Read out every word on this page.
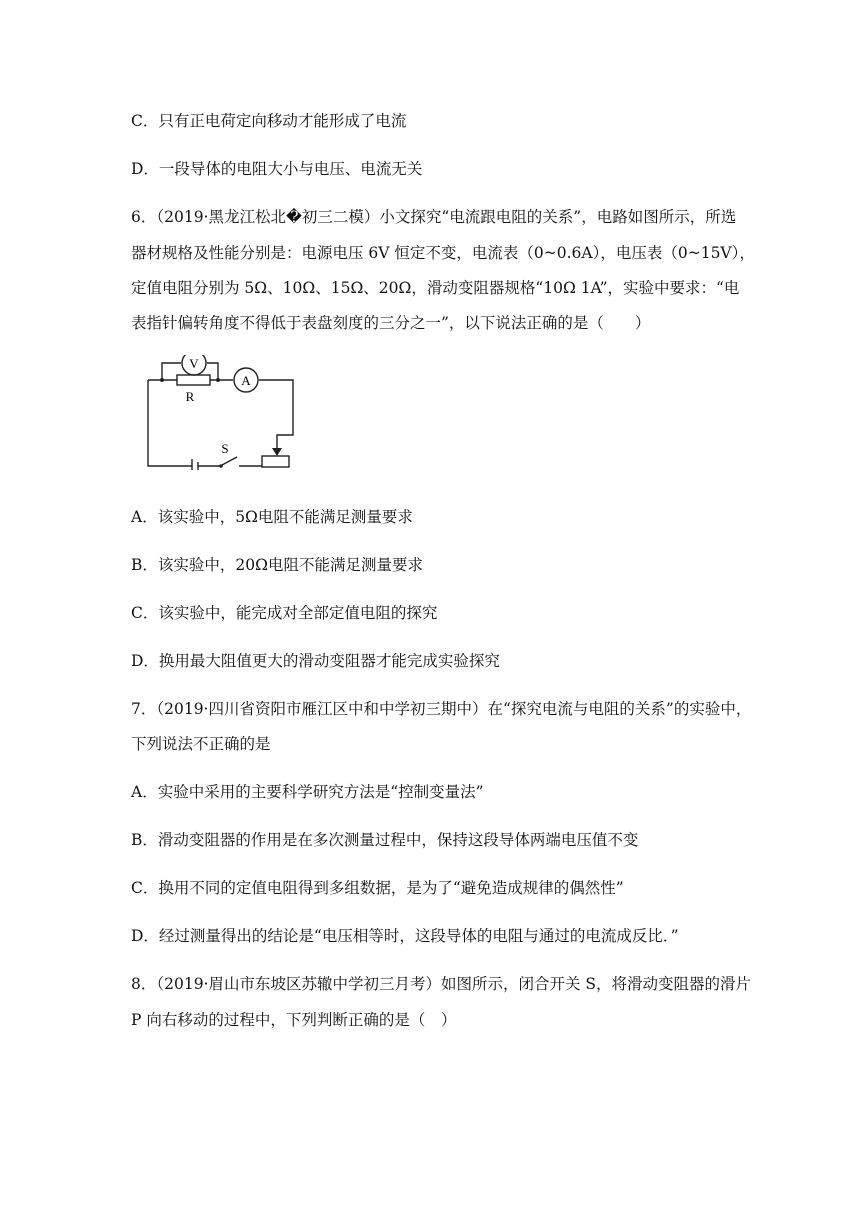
C．只有正电荷定向移动才能形成了电流
D．一段导体的电阻大小与电压、电流无关
6．（2019·黑龙江松北�初三二模）小文探究“电流跟电阻的关系”，电路如图所示，所选
器材规格及性能分别是：电源电压 6V 恒定不变，电流表（0~0.6A），电压表（0~15V），
定值电阻分别为 5Ω、10Ω、15Ω、20Ω，滑动变阻器规格“10Ω 1A”，实验中要求：“电
表指针偏转角度不得低于表盘刻度的三分之一”，以下说法正确的是（　　）
V
A
R
S
A．该实验中，5Ω电阻不能满足测量要求
B．该实验中，20Ω电阻不能满足测量要求
C．该实验中，能完成对全部定值电阻的探究
D．换用最大阻值更大的滑动变阻器才能完成实验探究
7．（2019·四川省资阳市雁江区中和中学初三期中）在“探究电流与电阻的关系”的实验中，
下列说法不正确的是
A．实验中采用的主要科学研究方法是“控制变量法”
B．滑动变阻器的作用是在多次测量过程中，保持这段导体两端电压值不变
C．换用不同的定值电阻得到多组数据，是为了“避免造成规律的偶然性”
D．经过测量得出的结论是“电压相等时，这段导体的电阻与通过的电流成反比．”
8．（2019·眉山市东坡区苏辙中学初三月考）如图所示，闭合开关 S，将滑动变阻器的滑片
P 向右移动的过程中，下列判断正确的是（　）
